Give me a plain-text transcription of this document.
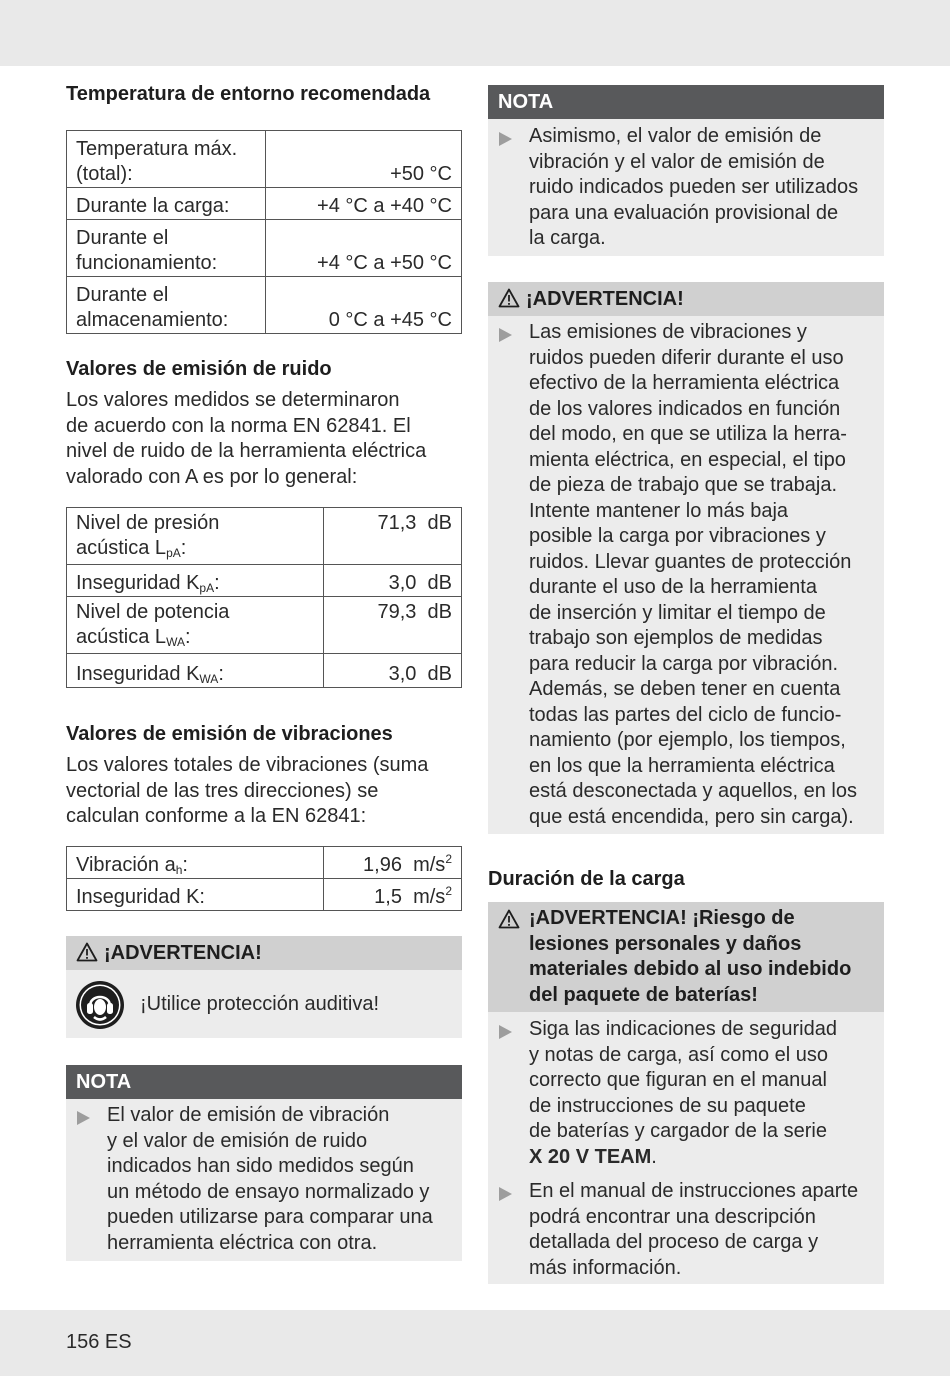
Temperatura de entorno recomendada
Temperatura máx.
(total):	+50 °C

Durante la carga:	+4 °C a +40 °C

Durante el
funcionamiento:	+4 °C a +50 °C

Durante el
almacenamiento:	0 °C a +45 °C
Valores de emisión de ruido
Los valores medidos se determinaron
de acuerdo con la norma EN 62841. El
nivel de ruido de la herramienta eléctrica
valorado con A es por lo general:
Nivel de presión
acústica $L_{pA}$:	71,3 dB
Inseguridad $K_{pA}$:	3,0 dB

Nivel de potencia
acústica $L_{WA}$:	79,3 dB
Inseguridad $K_{WA}$:	3,0 dB
Valores de emisión de vibraciones
Los valores totales de vibraciones (suma
vectorial de las tres direcciones) se
calculan conforme a la EN 62841:
Vibración $a_h$:	1,96 $m/s^2$
Inseguridad K:	1,5 $m/s^2$
¡ADVERTENCIA!
¡Utilice protección auditiva!
NOTA
El valor de emisión de vibración
y el valor de emisión de ruido
indicados han sido medidos según
un método de ensayo normalizado y
pueden utilizarse para comparar una
herramienta eléctrica con otra.
NOTA
Asimismo, el valor de emisión de
vibración y el valor de emisión de
ruido indicados pueden ser utilizados
para una evaluación provisional de
la carga.
¡ADVERTENCIA!
Las emisiones de vibraciones y
ruidos pueden diferir durante el uso
efectivo de la herramienta eléctrica
de los valores indicados en función
del modo, en que se utiliza la herra-
mienta eléctrica, en especial, el tipo
de pieza de trabajo que se trabaja.
Intente mantener lo más baja
posible la carga por vibraciones y
ruidos. Llevar guantes de protección
durante el uso de la herramienta
de inserción y limitar el tiempo de
trabajo son ejemplos de medidas
para reducir la carga por vibración.
Además, se deben tener en cuenta
todas las partes del ciclo de funcio-
namiento (por ejemplo, los tiempos,
en los que la herramienta eléctrica
está desconectada y aquellos, en los
que está encendida, pero sin carga).
Duración de la carga
¡ADVERTENCIA! ¡Riesgo de
lesiones personales y daños
materiales debido al uso indebido
del paquete de baterías!
Siga las indicaciones de seguridad
y notas de carga, así como el uso
correcto que figuran en el manual
de instrucciones de su paquete
de baterías y cargador de la serie
X 20 V TEAM.
En el manual de instrucciones aparte
podrá encontrar una descripción
detallada del proceso de carga y
más información.
156 ES
